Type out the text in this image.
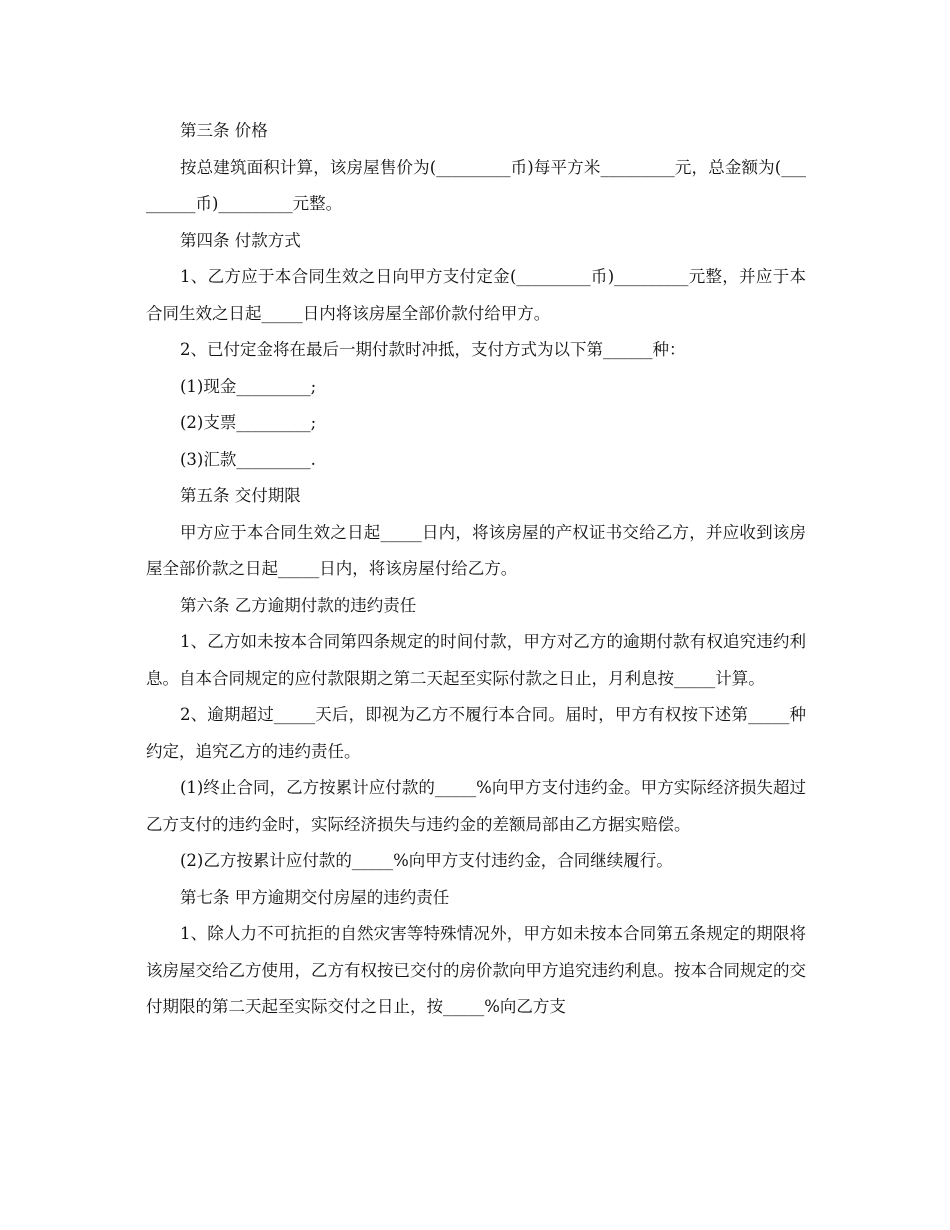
第三条 价格

按总建筑面积计算，该房屋售价为(_________币)每平方米_________元，总金额为(_________币)_________元整。

第四条 付款方式

1、乙方应于本合同生效之日向甲方支付定金(_________币)_________元整，并应于本合同生效之日起_____日内将该房屋全部价款付给甲方。

2、已付定金将在最后一期付款时冲抵，支付方式为以下第______种：

(1)现金_________;

(2)支票_________;

(3)汇款_________.

第五条 交付期限

甲方应于本合同生效之日起_____日内，将该房屋的产权证书交给乙方，并应收到该房屋全部价款之日起_____日内，将该房屋付给乙方。

第六条 乙方逾期付款的违约责任

1、乙方如未按本合同第四条规定的时间付款，甲方对乙方的逾期付款有权追究违约利息。自本合同规定的应付款限期之第二天起至实际付款之日止，月利息按_____计算。

2、逾期超过_____天后，即视为乙方不履行本合同。届时，甲方有权按下述第_____种约定，追究乙方的违约责任。

(1)终止合同，乙方按累计应付款的_____%向甲方支付违约金。甲方实际经济损失超过乙方支付的违约金时，实际经济损失与违约金的差额局部由乙方据实赔偿。

(2)乙方按累计应付款的_____%向甲方支付违约金，合同继续履行。

第七条 甲方逾期交付房屋的违约责任

1、除人力不可抗拒的自然灾害等特殊情况外，甲方如未按本合同第五条规定的期限将该房屋交给乙方使用，乙方有权按已交付的房价款向甲方追究违约利息。按本合同规定的交付期限的第二天起至实际交付之日止，按_____%向乙方支
